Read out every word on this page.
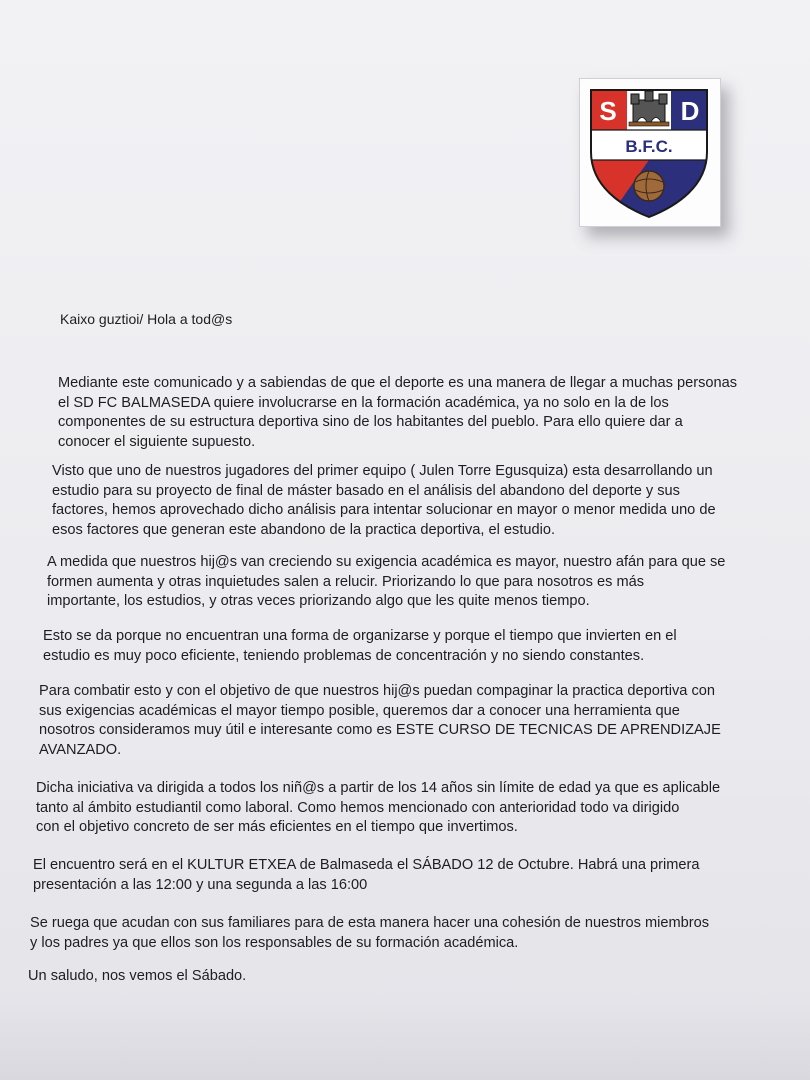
S D
B.F.C.
Kaixo guztioi/ Hola a tod@s

Mediante este comunicado y a sabiendas de que el deporte es una manera de llegar a muchas personas
el SD FC BALMASEDA quiere involucrarse en la formación académica, ya no solo en la de los
componentes de su estructura deportiva sino de los habitantes del pueblo. Para ello quiere dar a
conocer el siguiente supuesto.

Visto que uno de nuestros jugadores del primer equipo ( Julen Torre Egusquiza) esta desarrollando un
estudio para su proyecto de final de máster basado en el análisis del abandono del deporte y sus
factores, hemos aprovechado dicho análisis para intentar solucionar en mayor o menor medida uno de
esos factores que generan este abandono de la practica deportiva, el estudio.

A medida que nuestros hij@s van creciendo su exigencia académica es mayor, nuestro afán para que se
formen aumenta y otras inquietudes salen a relucir. Priorizando lo que para nosotros es más
importante, los estudios, y otras veces priorizando algo que les quite menos tiempo.

Esto se da porque no encuentran una forma de organizarse y porque el tiempo que invierten en el
estudio es muy poco eficiente, teniendo problemas de concentración y no siendo constantes.

Para combatir esto y con el objetivo de que nuestros hij@s puedan compaginar la practica deportiva con
sus exigencias académicas el mayor tiempo posible, queremos dar a conocer una herramienta que
nosotros consideramos muy útil e interesante como es ESTE CURSO DE TECNICAS DE APRENDIZAJE
AVANZADO.

Dicha iniciativa va dirigida a todos los niñ@s a partir de los 14 años sin límite de edad ya que es aplicable
tanto al ámbito estudiantil como laboral. Como hemos mencionado con anterioridad todo va dirigido
con el objetivo concreto de ser más eficientes en el tiempo que invertimos.

El encuentro será en el KULTUR ETXEA de Balmaseda el SÁBADO 12 de Octubre. Habrá una primera
presentación a las 12:00 y una segunda a las 16:00

Se ruega que acudan con sus familiares para de esta manera hacer una cohesión de nuestros miembros
y los padres ya que ellos son los responsables de su formación académica.

Un saludo, nos vemos el Sábado.
